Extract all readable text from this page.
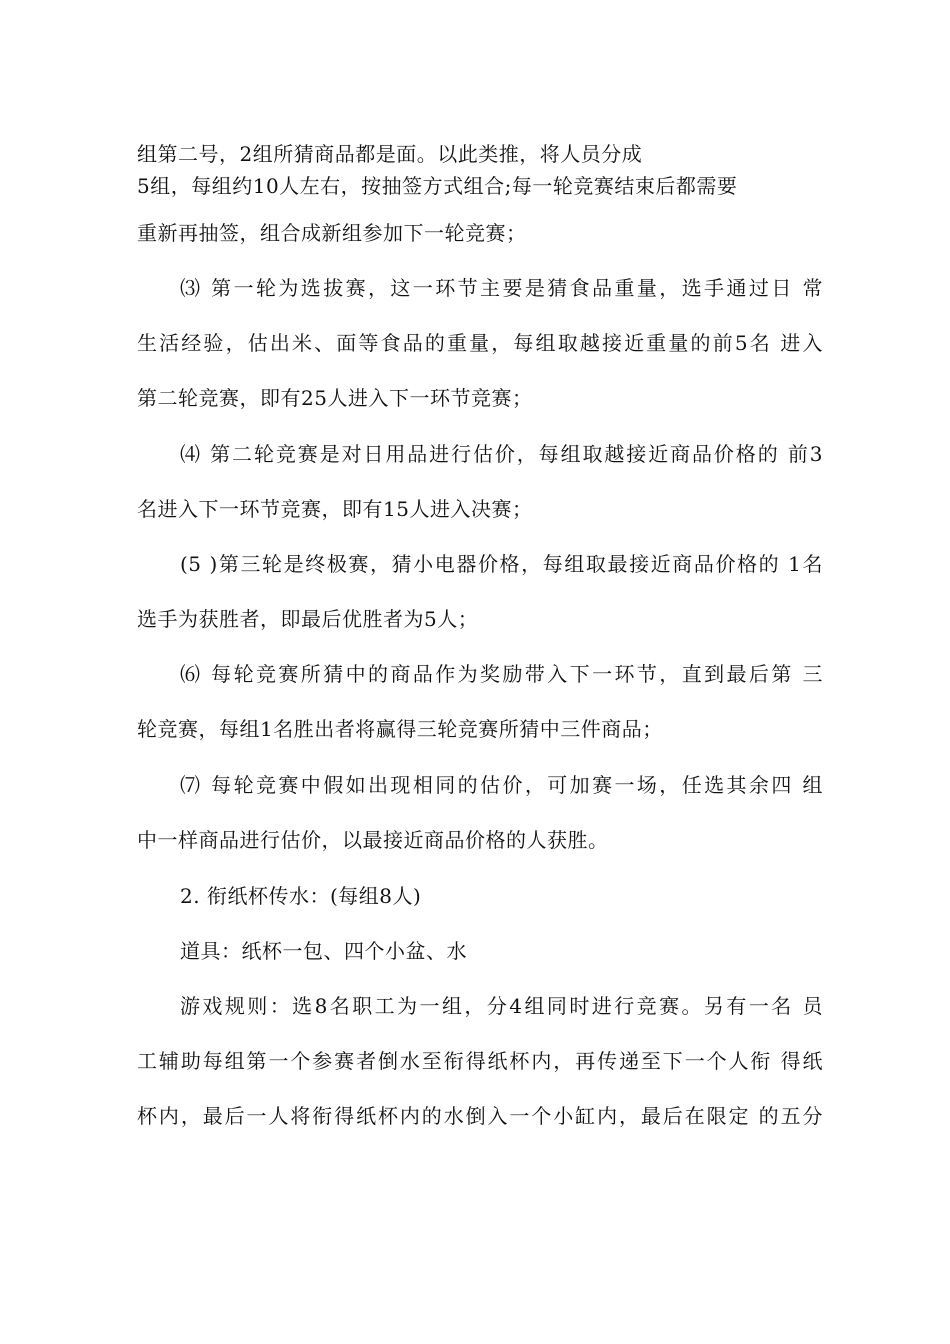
组第二号，2组所猜商品都是面。以此类推，将人员分成
5组，每组约10人左右，按抽签方式组合;每一轮竞赛结束后都需要
重新再抽签，组合成新组参加下一轮竞赛；
⑶ 第一轮为选拔赛，这一环节主要是猜食品重量，选手通过日 常
生活经验，估出米、面等食品的重量，每组取越接近重量的前5名 进入
第二轮竞赛，即有25人进入下一环节竞赛；
⑷ 第二轮竞赛是对日用品进行估价，每组取越接近商品价格的 前3
名进入下一环节竞赛，即有15人进入决赛；
(5 )第三轮是终极赛，猜小电器价格，每组取最接近商品价格的 1名
选手为获胜者，即最后优胜者为5人；
⑹ 每轮竞赛所猜中的商品作为奖励带入下一环节，直到最后第 三
轮竞赛，每组1名胜出者将赢得三轮竞赛所猜中三件商品；
⑺ 每轮竞赛中假如出现相同的估价，可加赛一场，任选其余四 组
中一样商品进行估价，以最接近商品价格的人获胜。
2. 衔纸杯传水：(每组8人)
道具：纸杯一包、四个小盆、水
游戏规则：选8名职工为一组，分4组同时进行竞赛。另有一名 员
工辅助每组第一个参赛者倒水至衔得纸杯内，再传递至下一个人衔 得纸
杯内，最后一人将衔得纸杯内的水倒入一个小缸内，最后在限定 的五分
